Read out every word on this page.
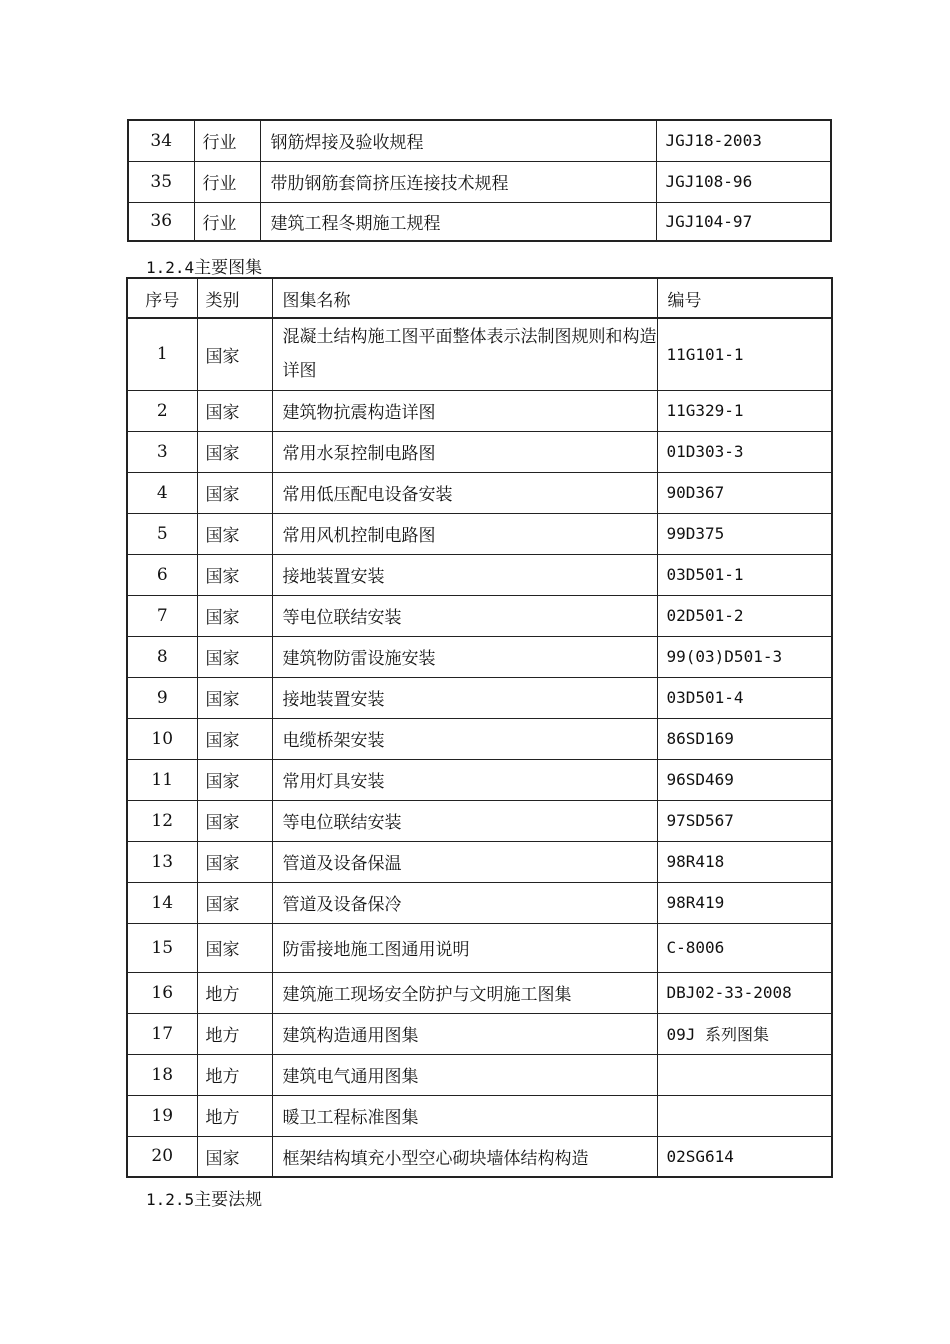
34	行业	钢筋焊接及验收规程	JGJ18-2003
35	行业	带肋钢筋套筒挤压连接技术规程	JGJ108-96
36	行业	建筑工程冬期施工规程	JGJ104-97
1.2.4主要图集
序号	类别	图集名称	编号
1	国家	混凝土结构施工图平面整体表示法制图规则和构造详图	11G101-1
2	国家	建筑物抗震构造详图	11G329-1
3	国家	常用水泵控制电路图	01D303-3
4	国家	常用低压配电设备安装	90D367
5	国家	常用风机控制电路图	99D375
6	国家	接地装置安装	03D501-1
7	国家	等电位联结安装	02D501-2
8	国家	建筑物防雷设施安装	99(03)D501-3
9	国家	接地装置安装	03D501-4
10	国家	电缆桥架安装	86SD169
11	国家	常用灯具安装	96SD469
12	国家	等电位联结安装	97SD567
13	国家	管道及设备保温	98R418
14	国家	管道及设备保冷	98R419
15	国家	防雷接地施工图通用说明	C-8006
16	地方	建筑施工现场安全防护与文明施工图集	DBJ02-33-2008
17	地方	建筑构造通用图集	09J 系列图集
18	地方	建筑电气通用图集	
19	地方	暖卫工程标准图集	
20	国家	框架结构填充小型空心砌块墙体结构构造	02SG614
1.2.5主要法规
